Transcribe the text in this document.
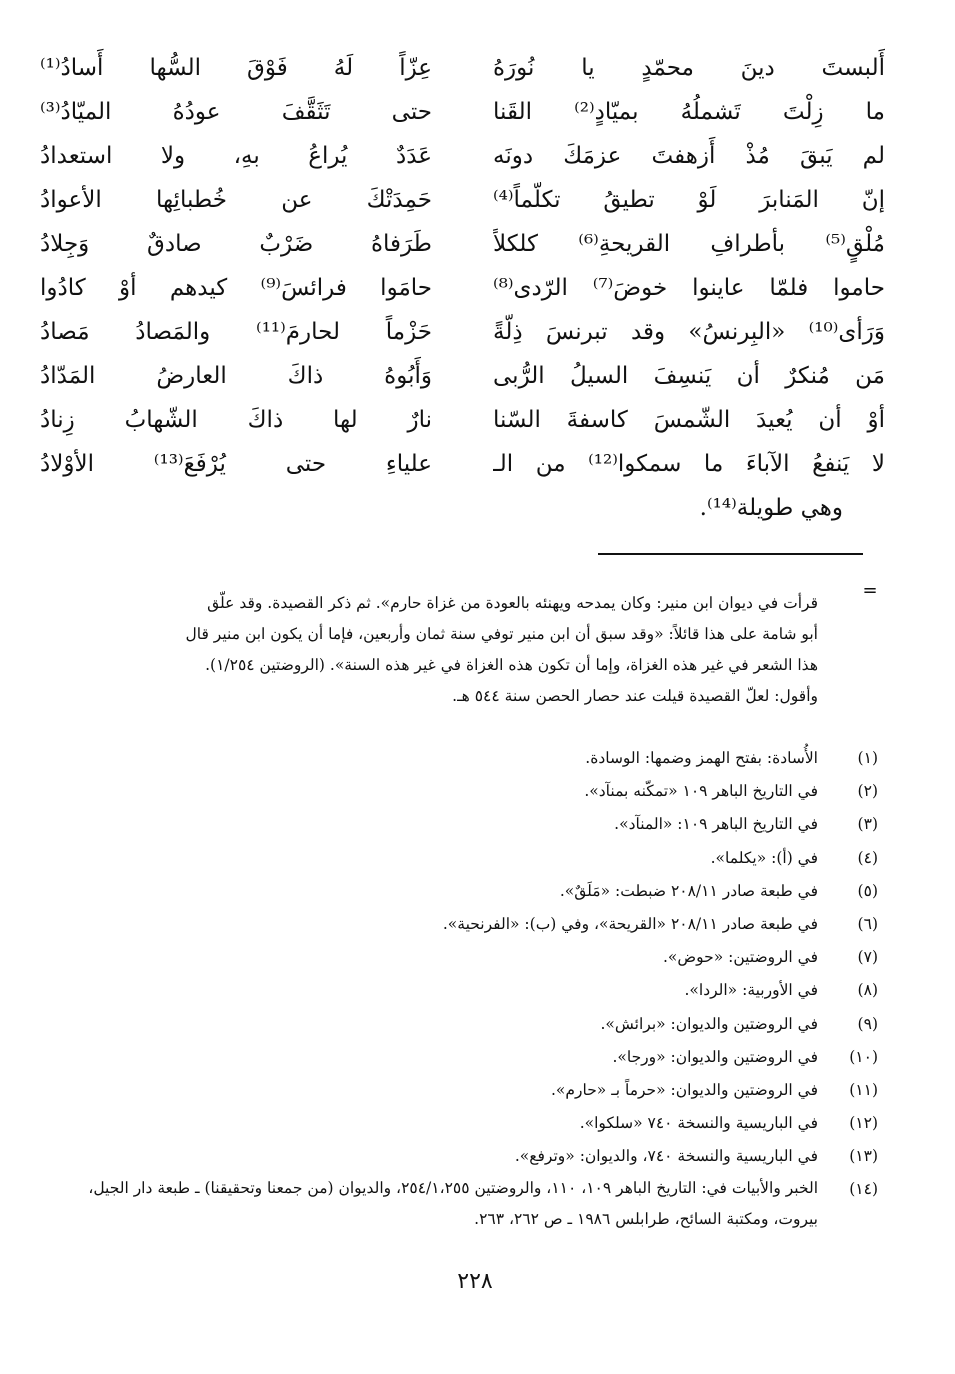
أَلبستَ دينَ محمّدٍ يا نُورَهُ
عِزّاً لَهُ فَوْقَ السُّها أَسادُ⁽¹⁾
ما زِلْتَ تَشملُهُ بميّادٍ⁽²⁾ القَنا
حتى تَثَقَّفَ عودُهُ الميّادُ⁽³⁾
لم يَبقَ مُذْ أَزهفتَ عزمَكَ دونَه
عَدَدٌ يُراعُ بهِ، ولا استعدادُ
إنّ المَنابرَ لَوْ تطيقُ تكلّماً⁽⁴⁾
حَمِدَتْكَ عن خُطبائِها الأعوادُ
مُلْقٍ⁽⁵⁾ بأطرافِ القريحةِ⁽⁶⁾ كلكلاً
طَرَفاهُ ضَرْبٌ صادقٌ وَجِلادُ
حاموا فلمّا عاينوا خوضَ⁽⁷⁾ الرّدى⁽⁸⁾
حامَوا فرائسَ⁽⁹⁾ كيدهم أوْ كادُوا
وَرَأى⁽¹⁰⁾ «البِرنسُ» وقد تبرنسَ ذِلّةً
حَزْماً لحارمَ⁽¹¹⁾ والمَصادُ مَصادُ
مَن مُنكرٌ أن يَنسِفَ السيلُ الرُّبى
وَأَبُوهُ ذاكَ العارضُ المَدّادُ
أوْ أن يُعيدَ الشّمسَ كاسفةَ السّنا
نارٌ لها ذاكَ الشّهابُ زِنادُ
لا يَنفعُ الآباءَ ما سمكوا⁽¹²⁾ من الـ
علياءِ حتى يُرْفَعَ⁽¹³⁾ الأوْلادُ
وهي طويلة⁽¹⁴⁾.
=
قرأت في ديوان ابن منير: وكان يمدحه ويهنئه بالعودة من غزاة حارم». ثم ذكر القصيدة. وقد علّق
أبو شامة على هذا قائلاً: «وقد سبق أن ابن منير توفي سنة ثمان وأربعين، فإما أن يكون ابن منير قال
هذا الشعر في غير هذه الغزاة، وإما أن تكون هذه الغزاة في غير هذه السنة». (الروضتين ١/٢٥٤).
وأقول: لعلّ القصيدة قيلت عند حصار الحصن سنة ٥٤٤ هـ.
(١)
الأُسادة: بفتح الهمز وضمها: الوسادة.
(٢)
في التاريخ الباهر ١٠٩ «تمكّنه بمنآد».
(٣)
في التاريخ الباهر ١٠٩: «المنآد».
(٤)
في (أ): «يكلما».
(٥)
في طبعة صادر ٢٠٨/١١ ضبطت: «مَلَقٌ».
(٦)
في طبعة صادر ٢٠٨/١١ «القريحة»، وفي (ب): «الفرنحية».
(٧)
في الروضتين: «حوض».
(٨)
في الأوربية: «الردا».
(٩)
في الروضتين والديوان: «برائش».
(١٠)
في الروضتين والديوان: «ورجا».
(١١)
في الروضتين والديوان: «حرماً بـ «حارم».
(١٢)
في الباريسية والنسخة ٧٤٠ «سلكوا».
(١٣)
في الباريسية والنسخة ٧٤٠، والديوان: «وترفع».
(١٤)
الخبر والأبيات في: التاريخ الباهر ١٠٩، ١١٠، والروضتين ٢٥٤/١،٢٥٥، والديوان (من جمعنا وتحقيقنا) ـ طبعة دار الجيل، بيروت، ومكتبة السائح، طرابلس ١٩٨٦ ـ ص ٢٦٢، ٢٦٣.
٢٢٨
